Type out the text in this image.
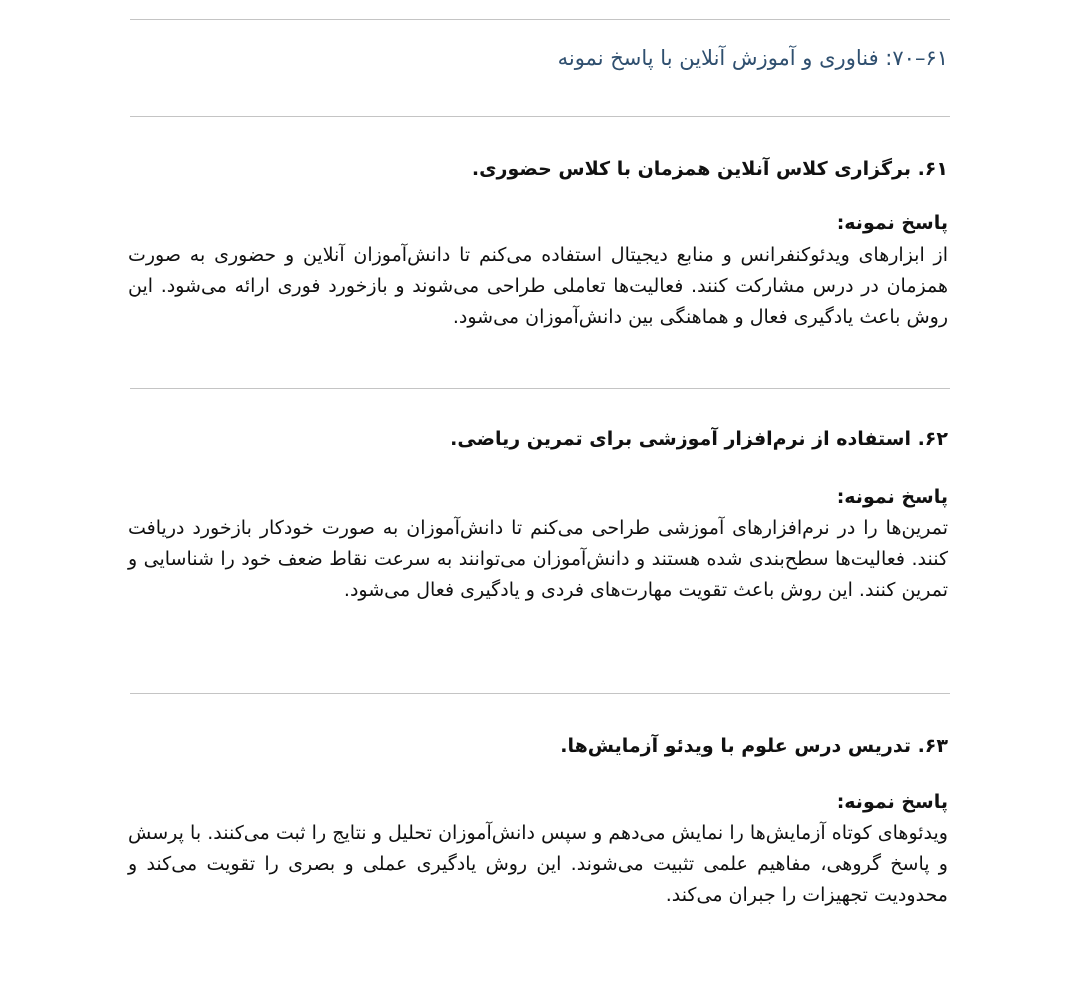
۶۱–۷۰: فناوری و آموزش آنلاین با پاسخ نمونه
۶۱. برگزاری کلاس آنلاین همزمان با کلاس حضوری.
پاسخ نمونه:
از ابزارهای ویدئوکنفرانس و منابع دیجیتال استفاده می‌کنم تا دانش‌آموزان آنلاین و حضوری به صورت همزمان در درس مشارکت کنند. فعالیت‌ها تعاملی طراحی می‌شوند و بازخورد فوری ارائه می‌شود. این روش باعث یادگیری فعال و هماهنگی بین دانش‌آموزان می‌شود.
۶۲. استفاده از نرم‌افزار آموزشی برای تمرین ریاضی.
پاسخ نمونه:
تمرین‌ها را در نرم‌افزارهای آموزشی طراحی می‌کنم تا دانش‌آموزان به صورت خودکار بازخورد دریافت کنند. فعالیت‌ها سطح‌بندی شده هستند و دانش‌آموزان می‌توانند به سرعت نقاط ضعف خود را شناسایی و تمرین کنند. این روش باعث تقویت مهارت‌های فردی و یادگیری فعال می‌شود.
۶۳. تدریس درس علوم با ویدئو آزمایش‌ها.
پاسخ نمونه:
ویدئوهای کوتاه آزمایش‌ها را نمایش می‌دهم و سپس دانش‌آموزان تحلیل و نتایج را ثبت می‌کنند. با پرسش و پاسخ گروهی، مفاهیم علمی تثبیت می‌شوند. این روش یادگیری عملی و بصری را تقویت می‌کند و محدودیت تجهیزات را جبران می‌کند.
